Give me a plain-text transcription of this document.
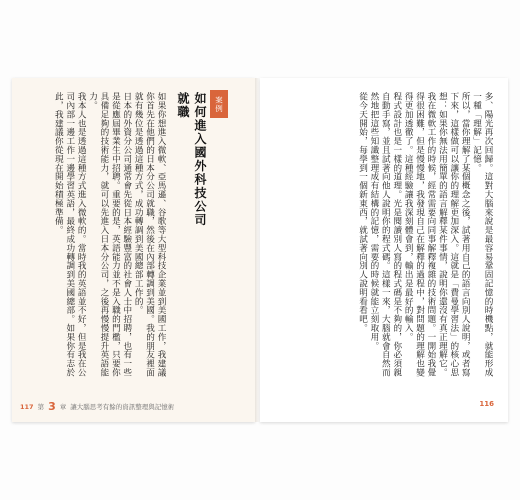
如果你想進入微軟、亞馬遜、谷歌等大型科技企業並到美國工作，我建議你首先在他們的日本分公司就職，然後在內部轉調到美國。我的朋友裡面就有幾位是透過這種方式，成功轉調到美國總部工作的。

日本的外資分公司通常會先從日本經驗豐富的社會人士中招聘，也有一些是從應屆畢業生中招聘。重要的是，英語能力並不是入職的門檻，只要你具備足夠的技術能力，就可以先進入日本分公司，之後再慢慢提升英語能力。

我本人也是透過這種方式進入微軟的。當時我的英語並不好，但是我在公司內部一邊工作一邊學習英語，最終成功轉調到美國總部。如果你有志於此，我建議你從現在開始積極準備。	如何進入國外科技公司就職	案例
117 第 3 章 讓大腦思考有餘的資訊整理與記憶術

多、陽光再次回歸。這對大腦來說是最容易鞏固記憶的時機點，就能形成一種「理解」記憶。

所以，當你理解了某個概念之後，試著用自己的語言向別人說明，或者寫下來，這樣做可以讓你的理解更加深入。這就是「費曼學習法」的核心思想：如果你無法用簡單的語言解釋某件事情，說明你還沒有真正理解它。

我在微軟工作的時候，經常需要向同事解釋複雜的技術問題。一開始我覺得很困難，但是慢慢地，我發現自己在解釋的過程中，對問題的理解也變得更加透徹了。這種經驗讓我深刻體會到，輸出是最好的輸入。

程式設計也是一樣的道理。光是閱讀別人寫的程式碼是不夠的，你必須親自動手寫，並且試著向他人說明你的程式碼。這樣一來，大腦就會自然而然地把這些知識整理成有結構的記憶，需要的時候就能立刻取用。

從今天開始，每學到一個新東西，就試著向別人說明看看吧。

116
